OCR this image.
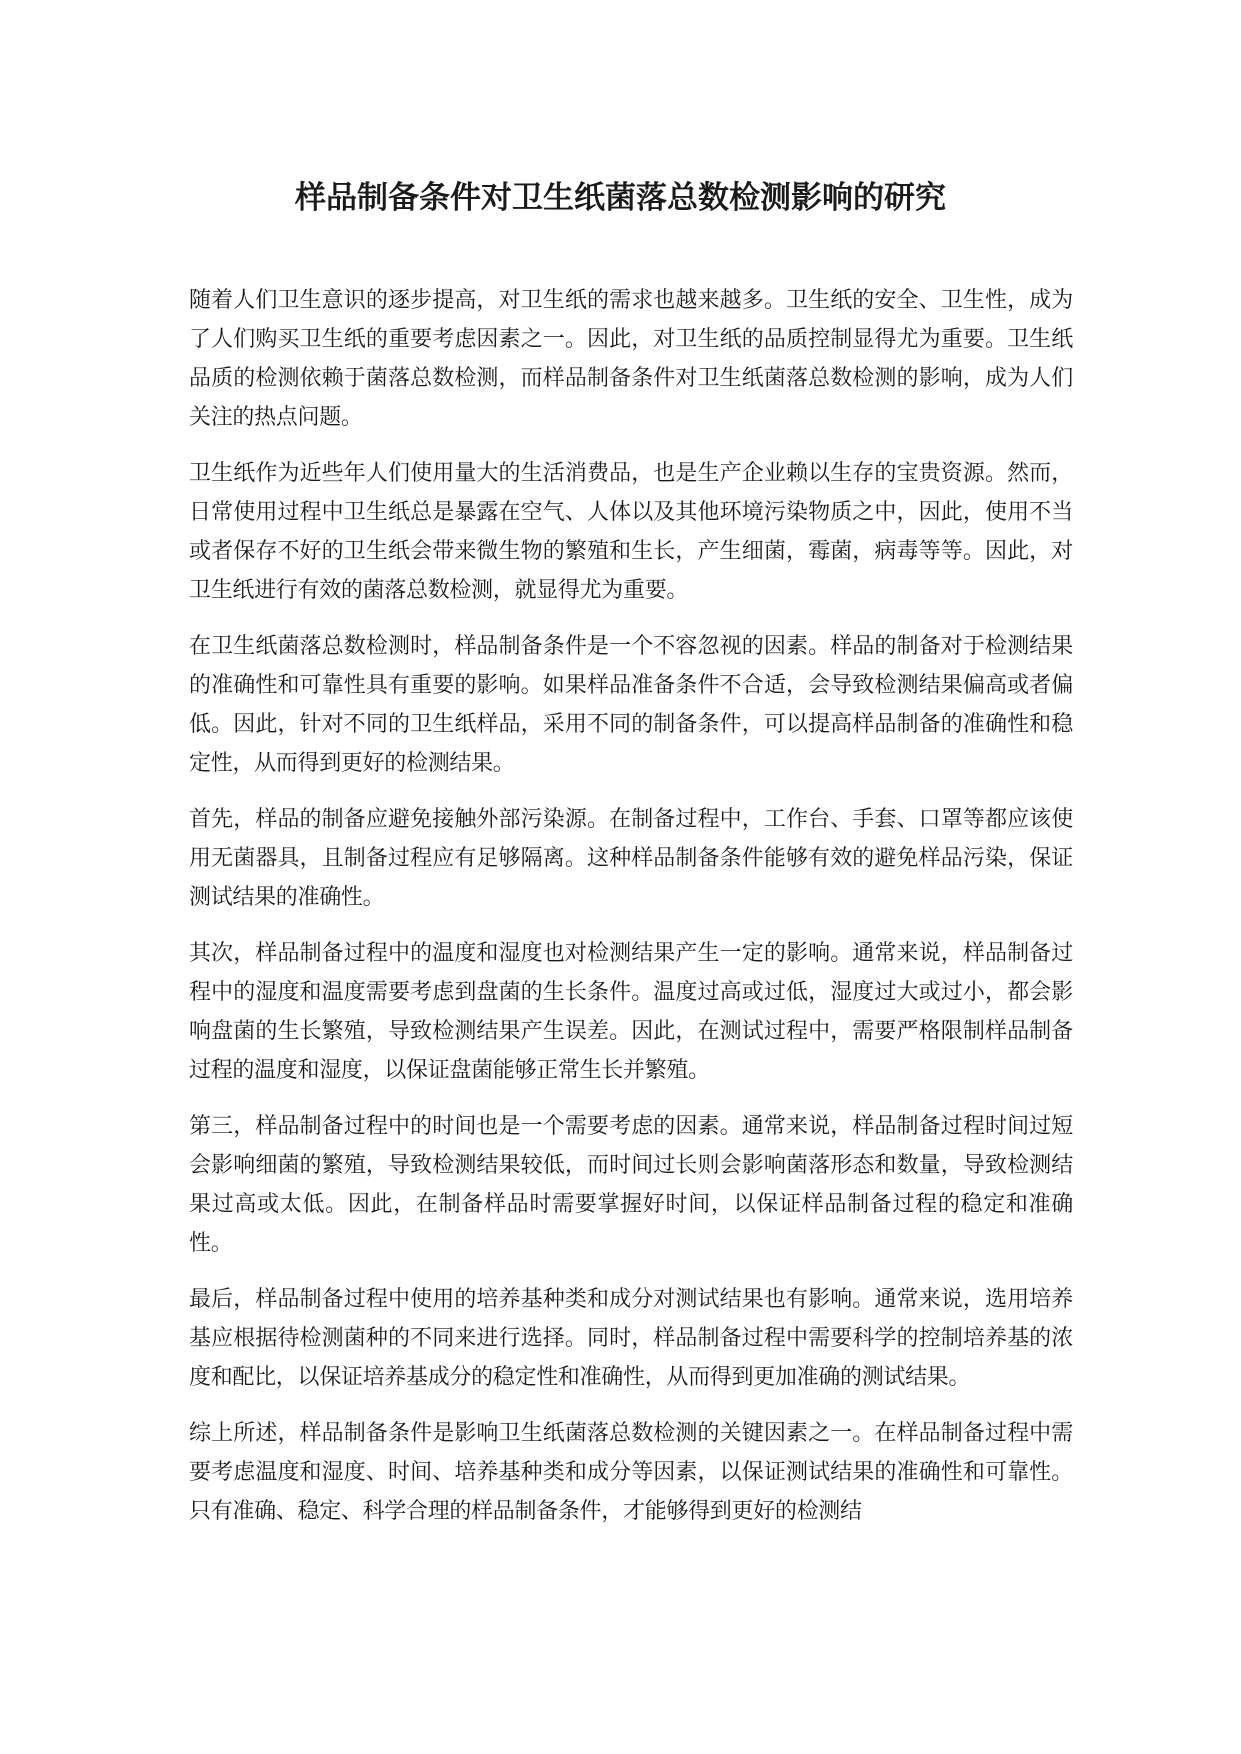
样品制备条件对卫生纸菌落总数检测影响的研究

随着人们卫生意识的逐步提高，对卫生纸的需求也越来越多。卫生纸的安全、卫生性，成为了人们购买卫生纸的重要考虑因素之一。因此，对卫生纸的品质控制显得尤为重要。卫生纸品质的检测依赖于菌落总数检测，而样品制备条件对卫生纸菌落总数检测的影响，成为人们关注的热点问题。

卫生纸作为近些年人们使用量大的生活消费品，也是生产企业赖以生存的宝贵资源。然而，日常使用过程中卫生纸总是暴露在空气、人体以及其他环境污染物质之中，因此，使用不当或者保存不好的卫生纸会带来微生物的繁殖和生长，产生细菌，霉菌，病毒等等。因此，对卫生纸进行有效的菌落总数检测，就显得尤为重要。

在卫生纸菌落总数检测时，样品制备条件是一个不容忽视的因素。样品的制备对于检测结果的准确性和可靠性具有重要的影响。如果样品准备条件不合适，会导致检测结果偏高或者偏低。因此，针对不同的卫生纸样品，采用不同的制备条件，可以提高样品制备的准确性和稳定性，从而得到更好的检测结果。

首先，样品的制备应避免接触外部污染源。在制备过程中，工作台、手套、口罩等都应该使用无菌器具，且制备过程应有足够隔离。这种样品制备条件能够有效的避免样品污染，保证测试结果的准确性。

其次，样品制备过程中的温度和湿度也对检测结果产生一定的影响。通常来说，样品制备过程中的湿度和温度需要考虑到盘菌的生长条件。温度过高或过低，湿度过大或过小，都会影响盘菌的生长繁殖，导致检测结果产生误差。因此，在测试过程中，需要严格限制样品制备过程的温度和湿度，以保证盘菌能够正常生长并繁殖。

第三，样品制备过程中的时间也是一个需要考虑的因素。通常来说，样品制备过程时间过短会影响细菌的繁殖，导致检测结果较低，而时间过长则会影响菌落形态和数量，导致检测结果过高或太低。因此，在制备样品时需要掌握好时间，以保证样品制备过程的稳定和准确性。

最后，样品制备过程中使用的培养基种类和成分对测试结果也有影响。通常来说，选用培养基应根据待检测菌种的不同来进行选择。同时，样品制备过程中需要科学的控制培养基的浓度和配比，以保证培养基成分的稳定性和准确性，从而得到更加准确的测试结果。

综上所述，样品制备条件是影响卫生纸菌落总数检测的关键因素之一。在样品制备过程中需要考虑温度和湿度、时间、培养基种类和成分等因素，以保证测试结果的准确性和可靠性。只有准确、稳定、科学合理的样品制备条件，才能够得到更好的检测结
